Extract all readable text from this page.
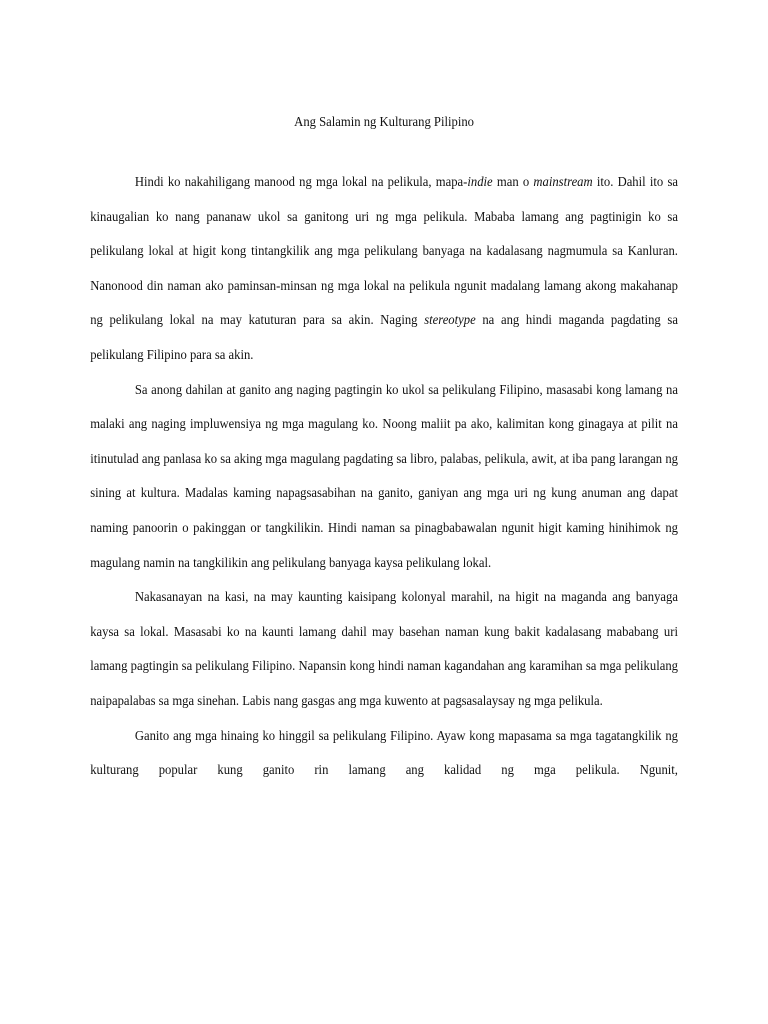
Ang Salamin ng Kulturang Pilipino

Hindi ko nakahiligang manood ng mga lokal na pelikula, mapa-indie man o mainstream ito. Dahil ito sa kinaugalian ko nang pananaw ukol sa ganitong uri ng mga pelikula. Mababa lamang ang pagtinigin ko sa pelikulang lokal at higit kong tintangkilik ang mga pelikulang banyaga na kadalasang nagmumula sa Kanluran. Nanonood din naman ako paminsan-minsan ng mga lokal na pelikula ngunit madalang lamang akong makahanap ng pelikulang lokal na may katuturan para sa akin. Naging stereotype na ang hindi maganda pagdating sa pelikulang Filipino para sa akin.

Sa anong dahilan at ganito ang naging pagtingin ko ukol sa pelikulang Filipino, masasabi kong lamang na malaki ang naging impluwensiya ng mga magulang ko. Noong maliit pa ako, kalimitan kong ginagaya at pilit na itinutulad ang panlasa ko sa aking mga magulang pagdating sa libro, palabas, pelikula, awit, at iba pang larangan ng sining at kultura. Madalas kaming napagsasabihan na ganito, ganiyan ang mga uri ng kung anuman ang dapat naming panoorin o pakinggan or tangkilikin. Hindi naman sa pinagbabawalan ngunit higit kaming hinihimok ng magulang namin na tangkilikin ang pelikulang banyaga kaysa pelikulang lokal.

Nakasanayan na kasi, na may kaunting kaisipang kolonyal marahil, na higit na maganda ang banyaga kaysa sa lokal. Masasabi ko na kaunti lamang dahil may basehan naman kung bakit kadalasang mababang uri lamang pagtingin sa pelikulang Filipino. Napansin kong hindi naman kagandahan ang karamihan sa mga pelikulang naipapalabas sa mga sinehan. Labis nang gasgas ang mga kuwento at pagsasalaysay ng mga pelikula.

Ganito ang mga hinaing ko hinggil sa pelikulang Filipino. Ayaw kong mapasama sa mga tagatangkilik ng kulturang popular kung ganito rin lamang ang kalidad ng mga pelikula. Ngunit,
